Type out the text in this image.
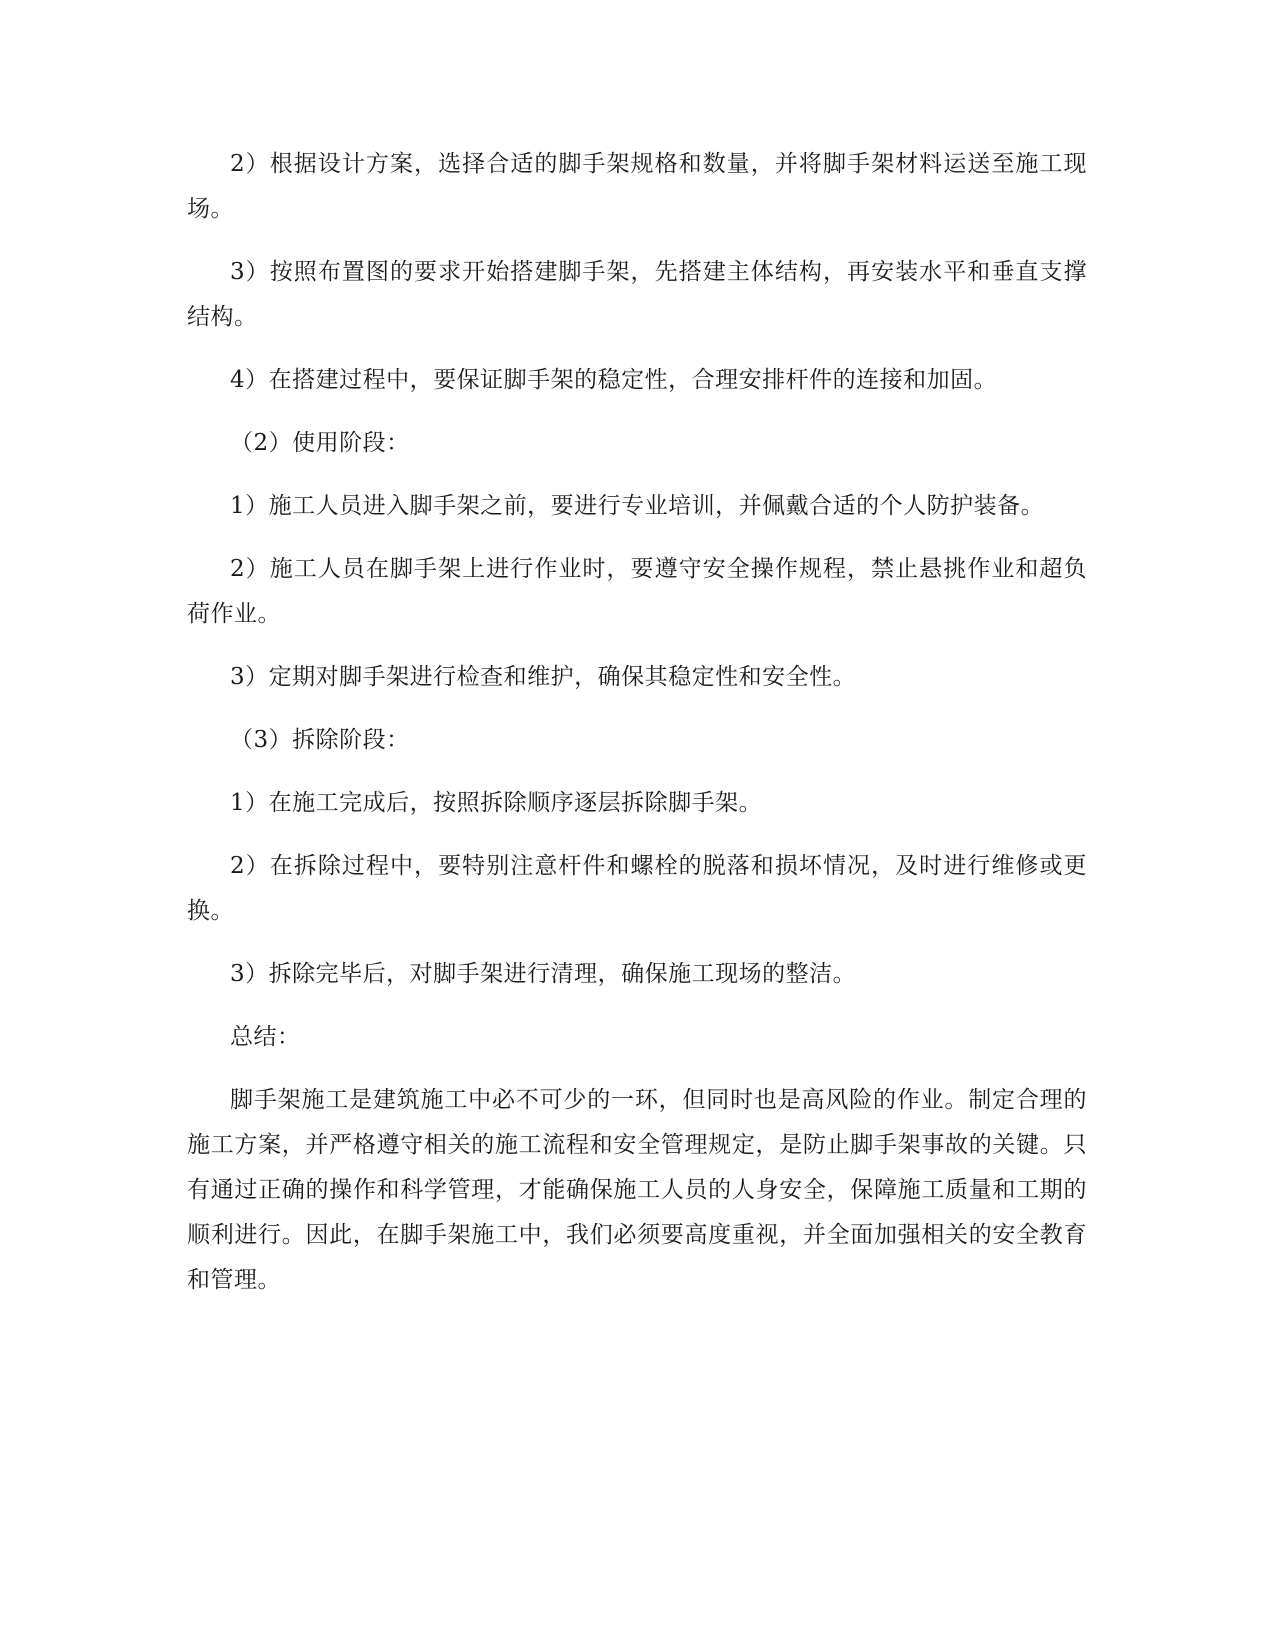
2）根据设计方案，选择合适的脚手架规格和数量，并将脚手架材料运送至施工现场。

3）按照布置图的要求开始搭建脚手架，先搭建主体结构，再安装水平和垂直支撑结构。

4）在搭建过程中，要保证脚手架的稳定性，合理安排杆件的连接和加固。

（2）使用阶段：

1）施工人员进入脚手架之前，要进行专业培训，并佩戴合适的个人防护装备。

2）施工人员在脚手架上进行作业时，要遵守安全操作规程，禁止悬挑作业和超负荷作业。

3）定期对脚手架进行检查和维护，确保其稳定性和安全性。

（3）拆除阶段：

1）在施工完成后，按照拆除顺序逐层拆除脚手架。

2）在拆除过程中，要特别注意杆件和螺栓的脱落和损坏情况，及时进行维修或更换。

3）拆除完毕后，对脚手架进行清理，确保施工现场的整洁。

总结：

脚手架施工是建筑施工中必不可少的一环，但同时也是高风险的作业。制定合理的施工方案，并严格遵守相关的施工流程和安全管理规定，是防止脚手架事故的关键。只有通过正确的操作和科学管理，才能确保施工人员的人身安全，保障施工质量和工期的顺利进行。因此，在脚手架施工中，我们必须要高度重视，并全面加强相关的安全教育和管理。
